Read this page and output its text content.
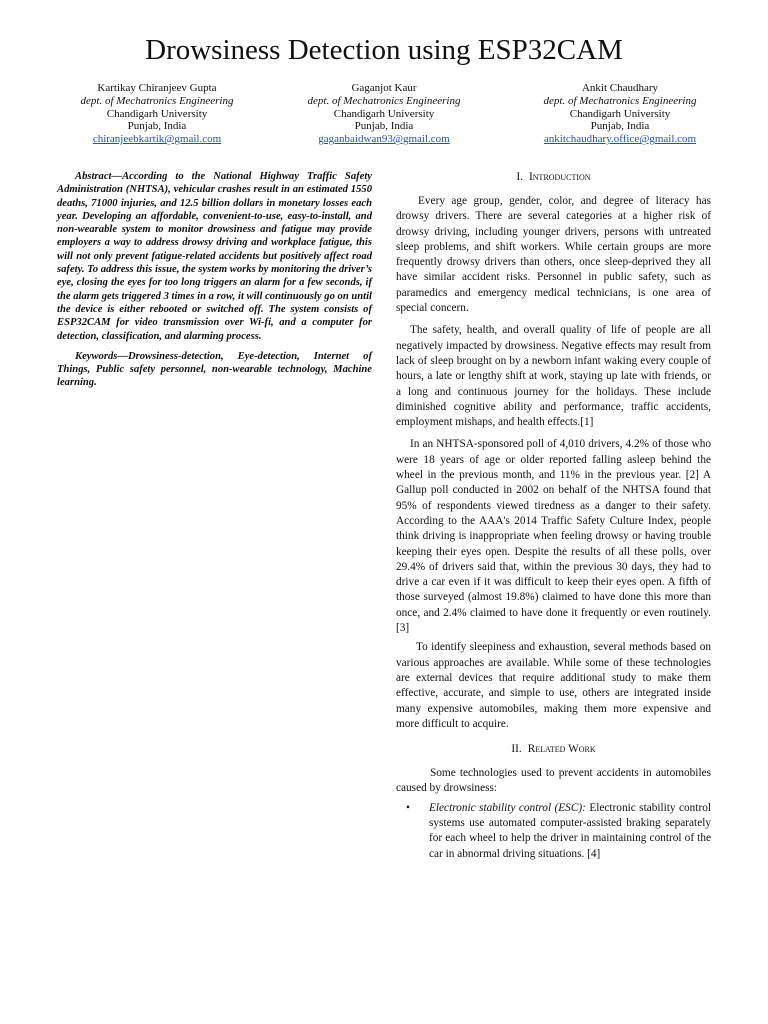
Drowsiness Detection using ESP32CAM
Kartikay Chiranjeev Gupta
dept. of Mechatronics Engineering
Chandigarh University
Punjab, India
chiranjeebkartik@gmail.com
Gaganjot Kaur
dept. of Mechatronics Engineering
Chandigarh University
Punjab, India
gaganbaidwan93@gmail.com
Ankit Chaudhary
dept. of Mechatronics Engineering
Chandigarh University
Punjab, India
ankitchaudhary.office@gmail.com

Abstract—According to the National Highway Traffic Safety Administration (NHTSA), vehicular crashes result in an estimated 1550 deaths, 71000 injuries, and 12.5 billion dollars in monetary losses each year. Developing an affordable, convenient-to-use, easy-to-install, and non-wearable system to monitor drowsiness and fatigue may provide employers a way to address drowsy driving and workplace fatigue, this will not only prevent fatigue-related accidents but positively affect road safety. To address this issue, the system works by monitoring the driver’s eye, closing the eyes for too long triggers an alarm for a few seconds, if the alarm gets triggered 3 times in a row, it will continuously go on until the device is either rebooted or switched off. The system consists of ESP32CAM for video transmission over Wi-fi, and a computer for detection, classification, and alarming process.

Keywords—Drowsiness-detection, Eye-detection, Internet of Things, Public safety personnel, non-wearable technology, Machine learning.

I. Introduction

Every age group, gender, color, and degree of literacy has drowsy drivers. There are several categories at a higher risk of drowsy driving, including younger drivers, persons with untreated sleep problems, and shift workers. While certain groups are more frequently drowsy drivers than others, once sleep-deprived they all have similar accident risks. Personnel in public safety, such as paramedics and emergency medical technicians, is one area of special concern.

The safety, health, and overall quality of life of people are all negatively impacted by drowsiness. Negative effects may result from lack of sleep brought on by a newborn infant waking every couple of hours, a late or lengthy shift at work, staying up late with friends, or a long and continuous journey for the holidays. These include diminished cognitive ability and performance, traffic accidents, employment mishaps, and health effects.[1]

In an NHTSA-sponsored poll of 4,010 drivers, 4.2% of those who were 18 years of age or older reported falling asleep behind the wheel in the previous month, and 11% in the previous year. [2] A Gallup poll conducted in 2002 on behalf of the NHTSA found that 95% of respondents viewed tiredness as a danger to their safety. According to the AAA's 2014 Traffic Safety Culture Index, people think driving is inappropriate when feeling drowsy or having trouble keeping their eyes open. Despite the results of all these polls, over 29.4% of drivers said that, within the previous 30 days, they had to drive a car even if it was difficult to keep their eyes open. A fifth of those surveyed (almost 19.8%) claimed to have done this more than once, and 2.4% claimed to have done it frequently or even routinely. [3]

To identify sleepiness and exhaustion, several methods based on various approaches are available. While some of these technologies are external devices that require additional study to make them effective, accurate, and simple to use, others are integrated inside many expensive automobiles, making them more expensive and more difficult to acquire.

II. Related Work

Some technologies used to prevent accidents in automobiles caused by drowsiness:

• Electronic stability control (ESC): Electronic stability control systems use automated computer-assisted braking separately for each wheel to help the driver in maintaining control of the car in abnormal driving situations. [4]
